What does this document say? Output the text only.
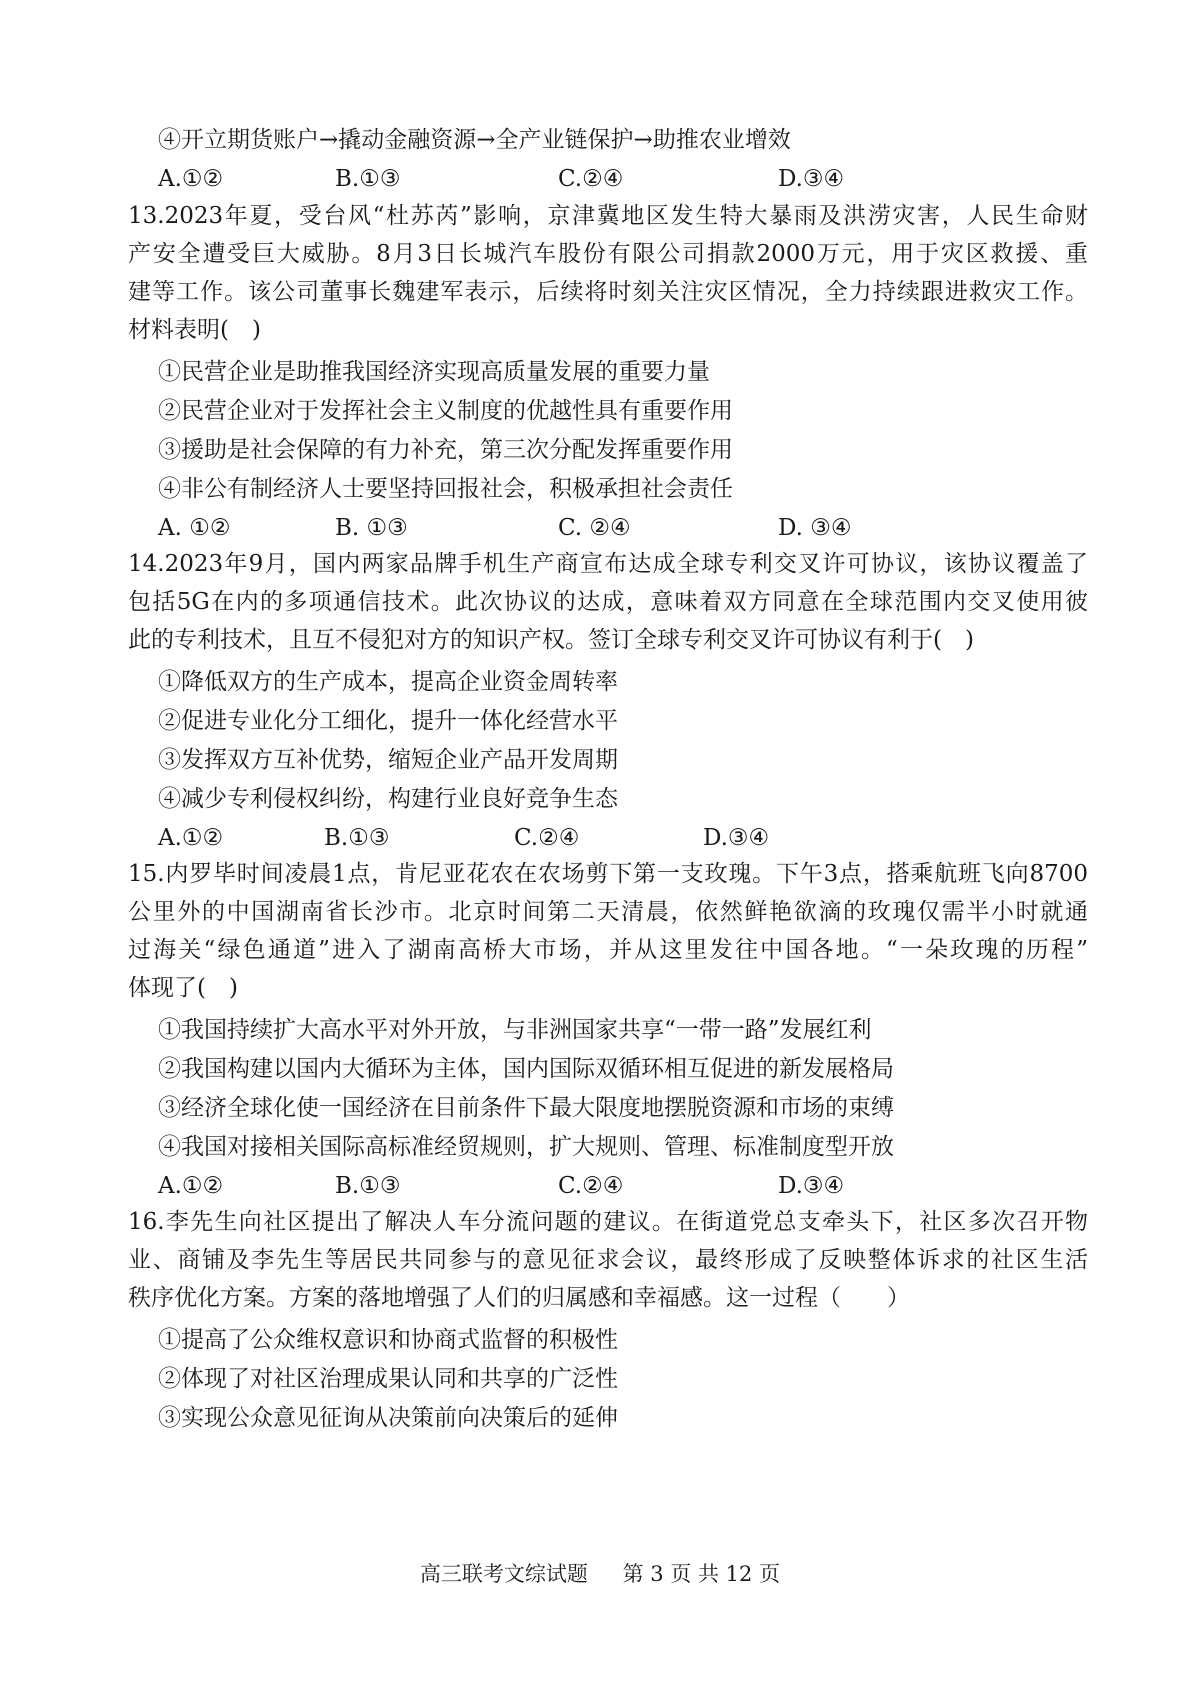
④开立期货账户→撬动金融资源→全产业链保护→助推农业增效
A.①②	B.①③	C.②④	D.③④
13.2023年夏，受台风“杜苏芮”影响，京津冀地区发生特大暴雨及洪涝灾害，人民生命财
产安全遭受巨大威胁。8月3日长城汽车股份有限公司捐款2000万元，用于灾区救援、重
建等工作。该公司董事长魏建军表示，后续将时刻关注灾区情况，全力持续跟进救灾工作。
材料表明(　)
①民营企业是助推我国经济实现高质量发展的重要力量
②民营企业对于发挥社会主义制度的优越性具有重要作用
③援助是社会保障的有力补充，第三次分配发挥重要作用
④非公有制经济人士要坚持回报社会，积极承担社会责任
A. ①②	B. ①③	C. ②④	D. ③④
14.2023年9月，国内两家品牌手机生产商宣布达成全球专利交叉许可协议，该协议覆盖了
包括5G在内的多项通信技术。此次协议的达成，意味着双方同意在全球范围内交叉使用彼
此的专利技术，且互不侵犯对方的知识产权。签订全球专利交叉许可协议有利于(　)
①降低双方的生产成本，提高企业资金周转率
②促进专业化分工细化，提升一体化经营水平
③发挥双方互补优势，缩短企业产品开发周期
④减少专利侵权纠纷，构建行业良好竞争生态
A.①②	B.①③	C.②④	D.③④
15.内罗毕时间凌晨1点，肯尼亚花农在农场剪下第一支玫瑰。下午3点，搭乘航班飞向8700
公里外的中国湖南省长沙市。北京时间第二天清晨，依然鲜艳欲滴的玫瑰仅需半小时就通
过海关“绿色通道”进入了湖南高桥大市场，并从这里发往中国各地。“一朵玫瑰的历程”
体现了(　)
①我国持续扩大高水平对外开放，与非洲国家共享“一带一路”发展红利
②我国构建以国内大循环为主体，国内国际双循环相互促进的新发展格局
③经济全球化使一国经济在目前条件下最大限度地摆脱资源和市场的束缚
④我国对接相关国际高标准经贸规则，扩大规则、管理、标准制度型开放
A.①②	B.①③	C.②④	D.③④
16.李先生向社区提出了解决人车分流问题的建议。在街道党总支牵头下，社区多次召开物
业、商铺及李先生等居民共同参与的意见征求会议，最终形成了反映整体诉求的社区生活
秩序优化方案。方案的落地增强了人们的归属感和幸福感。这一过程（　　）
①提高了公众维权意识和协商式监督的积极性
②体现了对社区治理成果认同和共享的广泛性
③实现公众意见征询从决策前向决策后的延伸
高三联考文综试题 第 3 页 共 12 页
